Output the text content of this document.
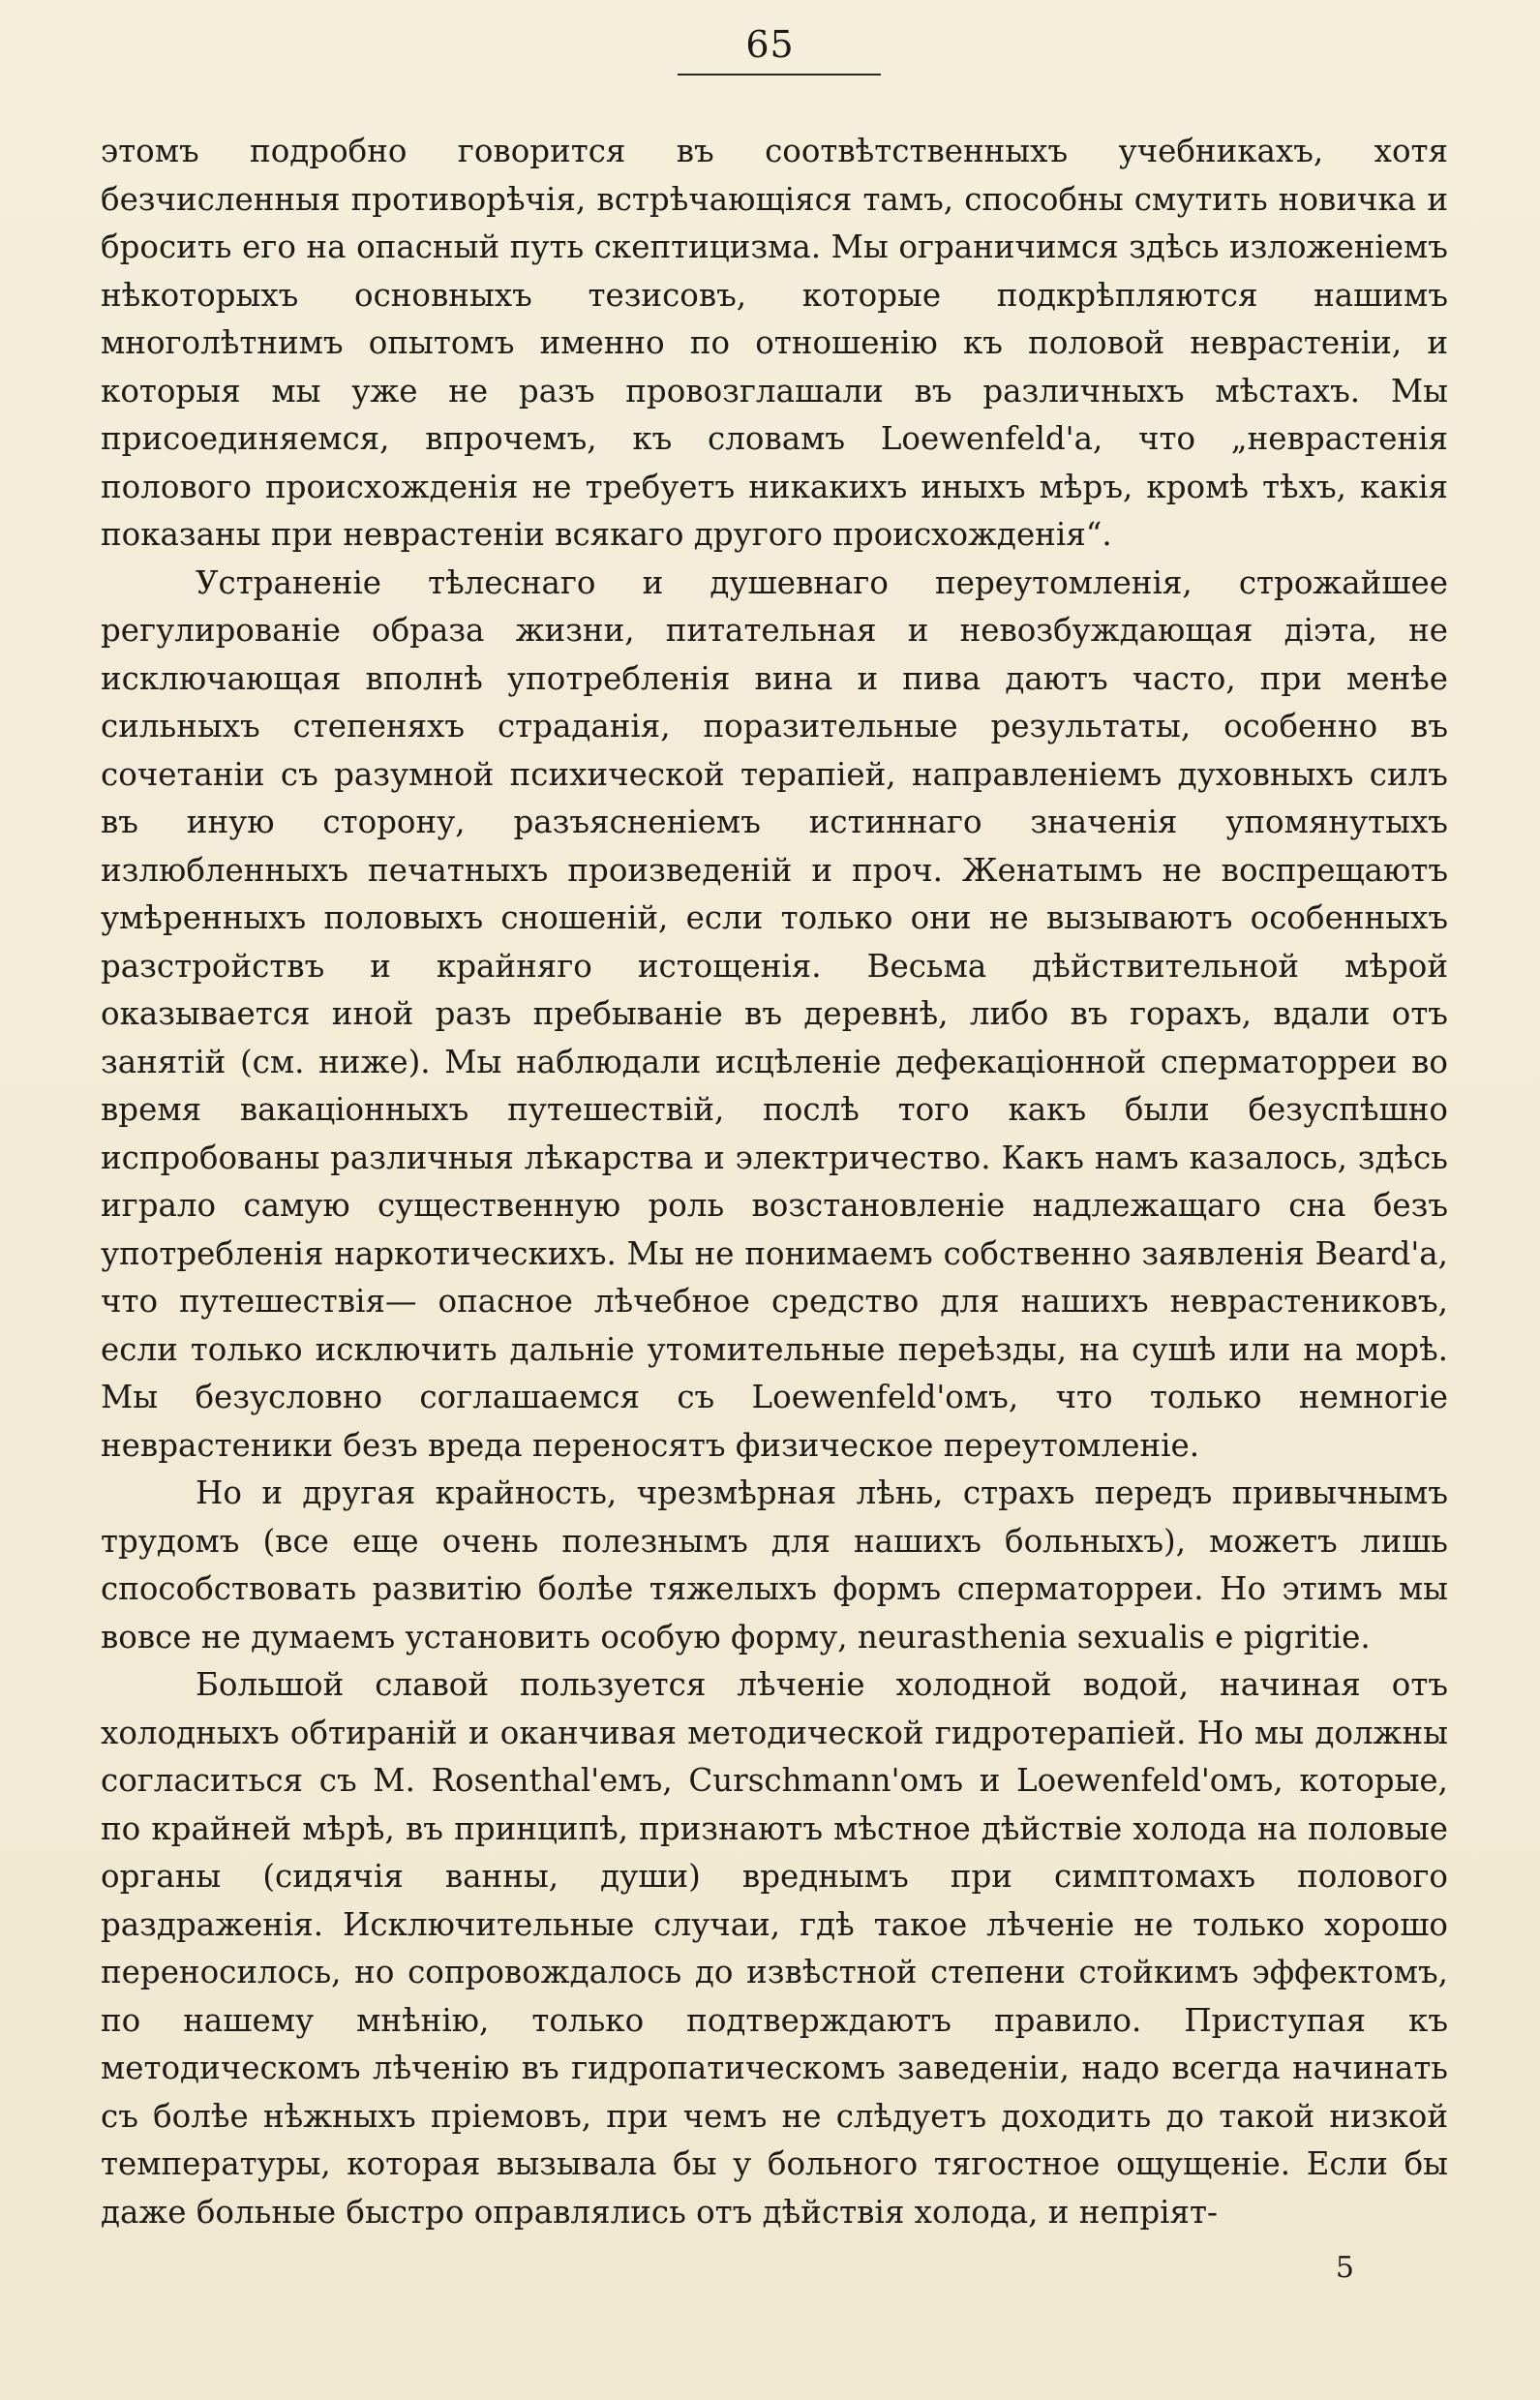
65

этомъ подробно говорится въ соотвѣтственныхъ учебникахъ, хотя безчисленныя противорѣчія, встрѣчающіяся тамъ, способны смутить новичка и бросить его на опасный путь скептицизма. Мы ограничимся здѣсь изложеніемъ нѣкоторыхъ основныхъ тезисовъ, которые подкрѣпляются нашимъ многолѣтнимъ опытомъ именно по отношенію къ половой неврастеніи, и которыя мы уже не разъ провозглашали въ различныхъ мѣстахъ. Мы присоединяемся, впрочемъ, къ словамъ Loewenfeld'а, что „неврастенія полового происхожденія не требуетъ никакихъ иныхъ мѣръ, кромѣ тѣхъ, какія показаны при неврастеніи всякаго другого происхожденія“.

Устраненіе тѣлеснаго и душевнаго переутомленія, строжайшее регулированіе образа жизни, питательная и невозбуждающая діэта, не исключающая вполнѣ употребленія вина и пива даютъ часто, при менѣе сильныхъ степеняхъ страданія, поразительные результаты, особенно въ сочетаніи съ разумной психической терапіей, направленіемъ духовныхъ силъ въ иную сторону, разъясненіемъ истиннаго значенія упомянутыхъ излюбленныхъ печатныхъ произведеній и проч. Женатымъ не воспрещаютъ умѣренныхъ половыхъ сношеній, если только они не вызываютъ особенныхъ разстройствъ и крайняго истощенія. Весьма дѣйствительной мѣрой оказывается иной разъ пребываніе въ деревнѣ, либо въ горахъ, вдали отъ занятій (см. ниже). Мы наблюдали исцѣленіе дефекаціонной сперматорреи во время вакаціонныхъ путешествій, послѣ того какъ были безуспѣшно испробованы различныя лѣкарства и электричество. Какъ намъ казалось, здѣсь играло самую существенную роль возстановленіе надлежащаго сна безъ употребленія наркотическихъ. Мы не понимаемъ собственно заявленія Beard'а, что путешествія— опасное лѣчебное средство для нашихъ неврастениковъ, если только исключить дальніе утомительные переѣзды, на сушѣ или на морѣ. Мы безусловно соглашаемся съ Loewenfeld'омъ, что только немногіе неврастеники безъ вреда переносятъ физическое переутомленіе.

Но и другая крайность, чрезмѣрная лѣнь, страхъ передъ привычнымъ трудомъ (все еще очень полезнымъ для нашихъ больныхъ), можетъ лишь способствовать развитію болѣе тяжелыхъ формъ сперматорреи. Но этимъ мы вовсе не думаемъ установить особую форму, neurasthenia sexualis e pigritie.

Большой славой пользуется лѣченіе холодной водой, начиная отъ холодныхъ обтираній и оканчивая методической гидротерапіей. Но мы должны согласиться съ M. Rosenthal'емъ, Curschmann'омъ и Loewenfeld'омъ, которые, по крайней мѣрѣ, въ принципѣ, признаютъ мѣстное дѣйствіе холода на половые органы (сидячія ванны, души) вреднымъ при симптомахъ полового раздраженія. Исключительные случаи, гдѣ такое лѣченіе не только хорошо переносилось, но сопровождалось до извѣстной степени стойкимъ эффектомъ, по нашему мнѣнію, только подтверждаютъ правило. Приступая къ методическомъ лѣченію въ гидропатическомъ заведеніи, надо всегда начинать съ болѣе нѣжныхъ пріемовъ, при чемъ не слѣдуетъ доходить до такой низкой температуры, которая вызывала бы у больного тягостное ощущеніе. Если бы даже больные быстро оправлялись отъ дѣйствія холода, и непріят-

5
